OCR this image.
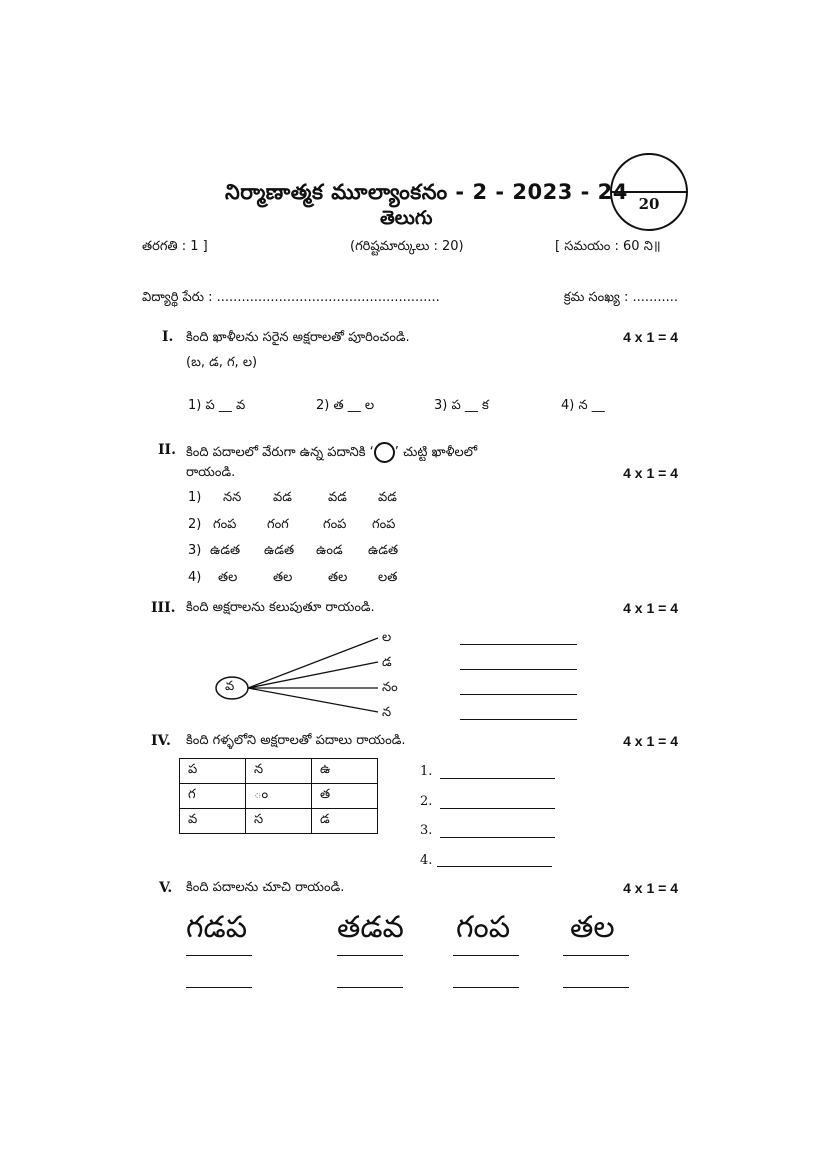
నిర్మాణాత్మక మూల్యాంకనం - 2 - 2023 - 24
తెలుగు
20
తరగతి : 1 ]	(గరిష్టమార్కులు : 20)	[ సమయం : 60 ని॥
విద్యార్థి పేరు : ......................................................	క్రమ సంఖ్య : ...........
I. కింది ఖాళీలను సరైన అక్షరాలతో పూరించండి.	4 x 1 = 4
(బ, డ, గ, ల)
1) ప __ వ	2) త __ ల	3) ప __ క	4) న __
II. కింది పదాలలో వేరుగా ఉన్న పదానికి ‘ ’ చుట్టి ఖాళీలలో
రాయండి.	4 x 1 = 4
1) నన వడ	వడ వడ
2) గంప గంగ	గంప గంప
3) ఉడత ఉడత ఉండ ఉడత
4) తల	తల	తల లత
III. కింది అక్షరాలను కలుపుతూ రాయండి.	4 x 1 = 4
వ
ల
డ
నం
న
IV. కింది గళ్ళలోని అక్షరాలతో పదాలు రాయండి.	4 x 1 = 4
ప	న	ఉ
గ	ం	త
వ	స	డ
1.
2.
3.
4.
V. కింది పదాలను చూచి రాయండి.	4 x 1 = 4
గడప	తడవ గంప తల
